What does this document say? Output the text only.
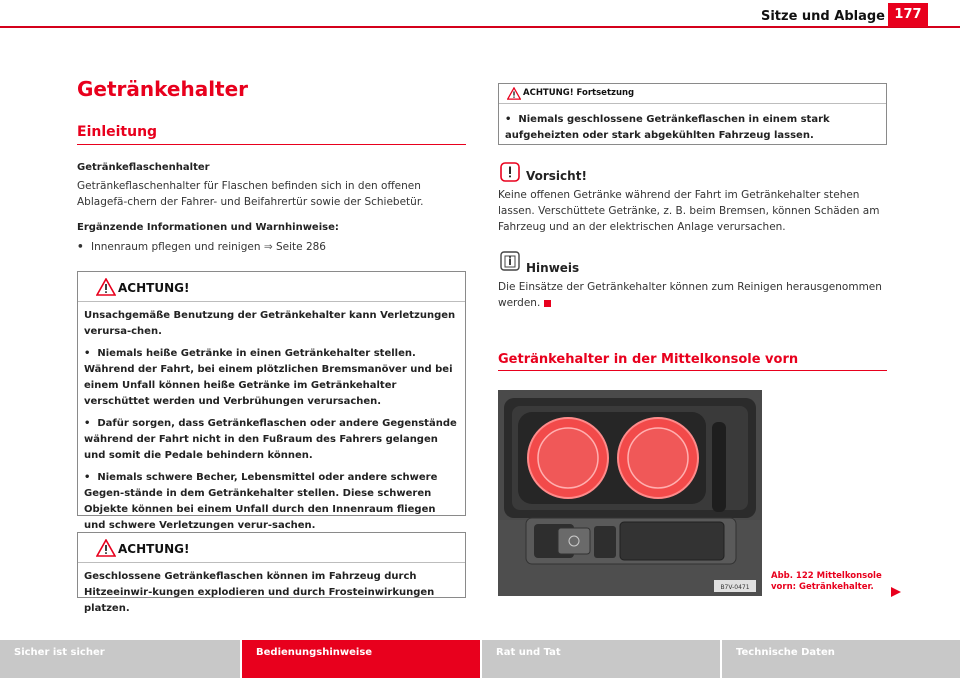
Sitze und Ablage 177
Getränkehalter
Einleitung
Getränkeflaschenhalter
Getränkeflaschenhalter für Flaschen befinden sich in den offenen Ablagefä-chern der Fahrer- und Beifahrertür sowie der Schiebetür.
Ergänzende Informationen und Warnhinweise:
• Innenraum pflegen und reinigen ⇒ Seite 286
ACHTUNG!
Unsachgemäße Benutzung der Getränkehalter kann Verletzungen verursa-chen.
•  Niemals heiße Getränke in einen Getränkehalter stellen. Während der Fahrt, bei einem plötzlichen Bremsmanöver und bei einem Unfall können heiße Getränke im Getränkehalter verschüttet werden und Verbrühungen verursachen.
•  Dafür sorgen, dass Getränkeflaschen oder andere Gegenstände während der Fahrt nicht in den Fußraum des Fahrers gelangen und somit die Pedale behindern können.
•  Niemals schwere Becher, Lebensmittel oder andere schwere Gegen-stände in dem Getränkehalter stellen. Diese schweren Objekte können bei einem Unfall durch den Innenraum fliegen und schwere Verletzungen verur-sachen.
ACHTUNG!
Geschlossene Getränkeflaschen können im Fahrzeug durch Hitzeeinwir-kungen explodieren und durch Frosteinwirkungen platzen.
ACHTUNG! Fortsetzung
•  Niemals geschlossene Getränkeflaschen in einem stark aufgeheizten oder stark abgekühlten Fahrzeug lassen.
Vorsicht!
Keine offenen Getränke während der Fahrt im Getränkehalter stehen lassen. Verschüttete Getränke, z. B. beim Bremsen, können Schäden am Fahrzeug und an der elektrischen Anlage verursachen.
Hinweis
Die Einsätze der Getränkehalter können zum Reinigen herausgenommen werden.
Getränkehalter in der Mittelkonsole vorn
B7V-0471
Abb. 122 Mittelkonsole
vorn: Getränkehalter.
Sicher ist sicher	Bedienungshinweise	Rat und Tat	Technische Daten
